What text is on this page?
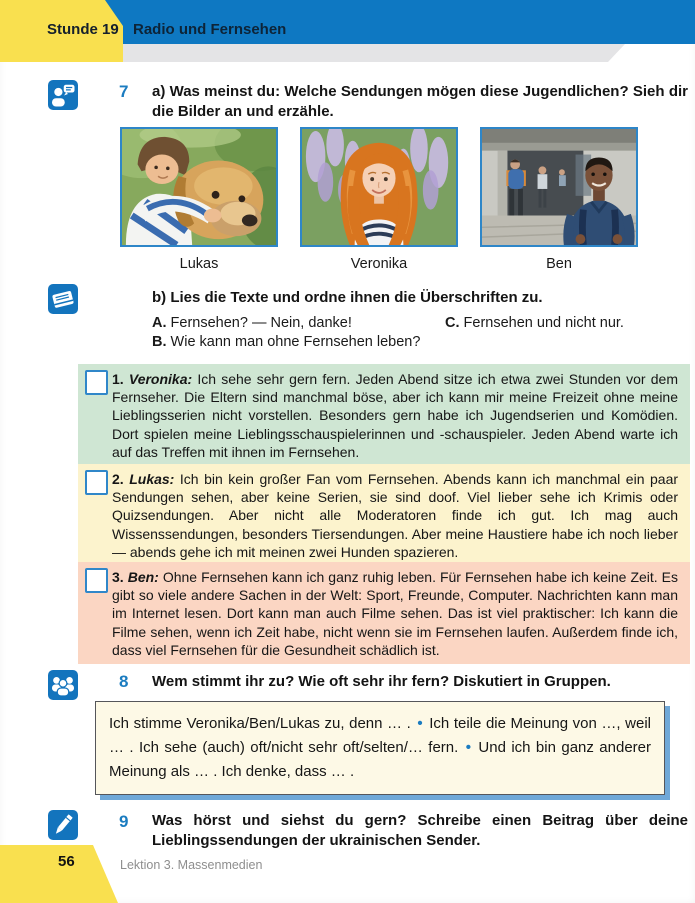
Stunde 19 Radio und Fernsehen
7 a) Was meinst du: Welche Sendungen mögen diese Jugendlichen? Sieh dir die Bilder an und erzähle.

Lukas	Veronika	Ben

b) Lies die Texte und ordne ihnen die Überschriften zu.

A. Fernsehen? — Nein, danke!
B. Wie kann man ohne Fernsehen leben?
C. Fernsehen und nicht nur.

1. Veronika: Ich sehe sehr gern fern. Jeden Abend sitze ich etwa zwei Stunden vor dem Fernseher. Die Eltern sind manchmal böse, aber ich kann mir meine Freizeit ohne meine Lieblingsserien nicht vorstellen. Besonders gern habe ich Jugendserien und Komödien. Dort spielen meine Lieblingsschauspielerinnen und -schauspieler. Jeden Abend warte ich auf das Treffen mit ihnen im Fernsehen.

2. Lukas: Ich bin kein großer Fan vom Fernsehen. Abends kann ich manchmal ein paar Sendungen sehen, aber keine Serien, sie sind doof. Viel lieber sehe ich Krimis oder Quizsendungen. Aber nicht alle Moderatoren finde ich gut. Ich mag auch Wissenssendungen, besonders Tiersendungen. Aber meine Haustiere habe ich noch lieber — abends gehe ich mit meinen zwei Hunden spazieren.

3. Ben: Ohne Fernsehen kann ich ganz ruhig leben. Für Fernsehen habe ich keine Zeit. Es gibt so viele andere Sachen in der Welt: Sport, Freunde, Computer. Nachrichten kann man im Internet lesen. Dort kann man auch Filme sehen. Das ist viel praktischer: Ich kann die Filme sehen, wenn ich Zeit habe, nicht wenn sie im Fernsehen laufen. Außerdem finde ich, dass viel Fernsehen für die Gesundheit schädlich ist.

8 Wem stimmt ihr zu? Wie oft sehr ihr fern? Diskutiert in Gruppen.

Ich stimme Veronika/Ben/Lukas zu, denn … . • Ich teile die Meinung von …, weil … . Ich sehe (auch) oft/nicht sehr oft/selten/… fern. • Und ich bin ganz anderer Meinung als … . Ich denke, dass … .

9 Was hörst und siehst du gern? Schreibe einen Beitrag über deine Lieblingssendungen der ukrainischen Sender.

56	Lektion 3. Massenmedien
